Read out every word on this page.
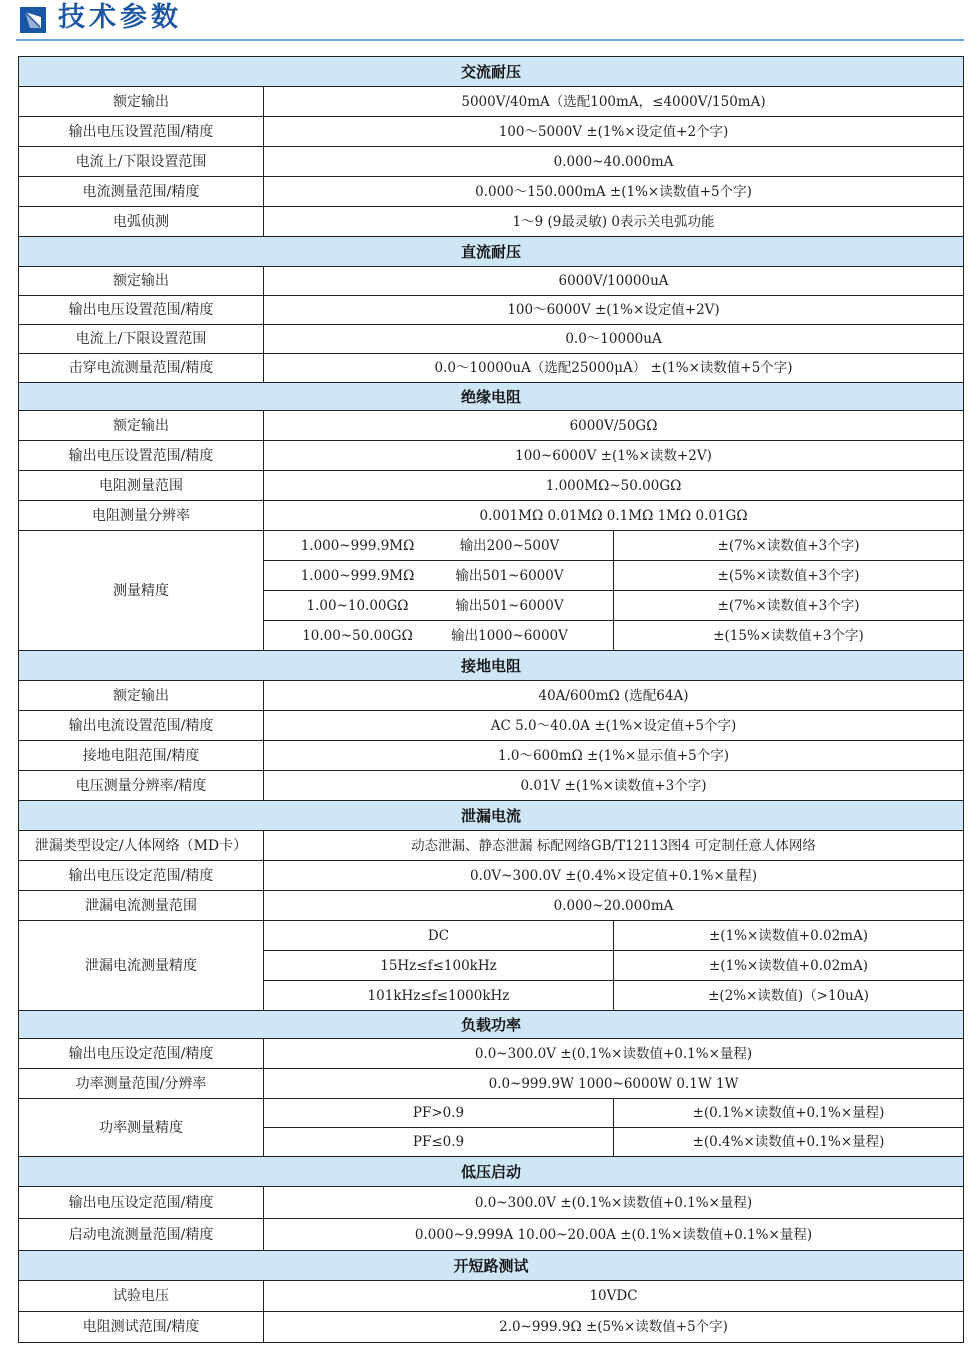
技术参数
交流耐压		
额定输出	5000V/40mA（选配100mA，≤4000V/150mA)	
输出电压设置范围/精度	100～5000V ±(1%×设定值+2个字)	
电流上/下限设置范围	0.000~40.000mA	
电流测量范围/精度	0.000～150.000mA ±(1%×读数值+5个字)	
电弧侦测	1～9 (9最灵敏) 0表示关电弧功能	
直流耐压		
额定输出	6000V/10000uA	
输出电压设置范围/精度	100～6000V ±(1%×设定值+2V)	
电流上/下限设置范围	0.0～10000uA	
击穿电流测量范围/精度	0.0～10000uA（选配25000μA） ±(1%×读数值+5个字)	
绝缘电阻		
额定输出	6000V/50GΩ	
输出电压设置范围/精度	100~6000V ±(1%×读数+2V)	
电阻测量范围	1.000MΩ~50.00GΩ	
电阻测量分辨率	0.001MΩ 0.01MΩ 0.1MΩ 1MΩ 0.01GΩ	
测量精度	1.000~999.9MΩ 输出200~500V	±(7%×读数值+3个字)
	1.000~999.9MΩ 输出501~6000V	±(5%×读数值+3个字)
	1.00~10.00GΩ 输出501~6000V	±(7%×读数值+3个字)
	10.00~50.00GΩ 输出1000~6000V	±(15%×读数值+3个字)
接地电阻		
额定输出	40A/600mΩ (选配64A)	
输出电流设置范围/精度	AC 5.0～40.0A ±(1%×设定值+5个字)	
接地电阻范围/精度	1.0～600mΩ ±(1%×显示值+5个字)	
电压测量分辨率/精度	0.01V ±(1%×读数值+3个字)	
泄漏电流		
泄漏类型设定/人体网络（MD卡）	动态泄漏、静态泄漏 标配网络GB/T12113图4 可定制任意人体网络	
输出电压设定范围/精度	0.0V~300.0V ±(0.4%×设定值+0.1%×量程)	
泄漏电流测量范围	0.000~20.000mA	
泄漏电流测量精度	DC	±(1%×读数值+0.02mA)
	15Hz≤f≤100kHz	±(1%×读数值+0.02mA)
	101kHz≤f≤1000kHz	±(2%×读数值)（>10uA)
负载功率		
输出电压设定范围/精度	0.0~300.0V ±(0.1%×读数值+0.1%×量程)	
功率测量范围/分辨率	0.0~999.9W 1000~6000W 0.1W 1W	
功率测量精度	PF>0.9	±(0.1%×读数值+0.1%×量程)
	PF≤0.9	±(0.4%×读数值+0.1%×量程)
低压启动		
输出电压设定范围/精度	0.0~300.0V ±(0.1%×读数值+0.1%×量程)	
启动电流测量范围/精度	0.000~9.999A 10.00~20.00A ±(0.1%×读数值+0.1%×量程)	
开短路测试		
试验电压	10VDC	
电阻测试范围/精度	2.0~999.9Ω ±(5%×读数值+5个字)	
